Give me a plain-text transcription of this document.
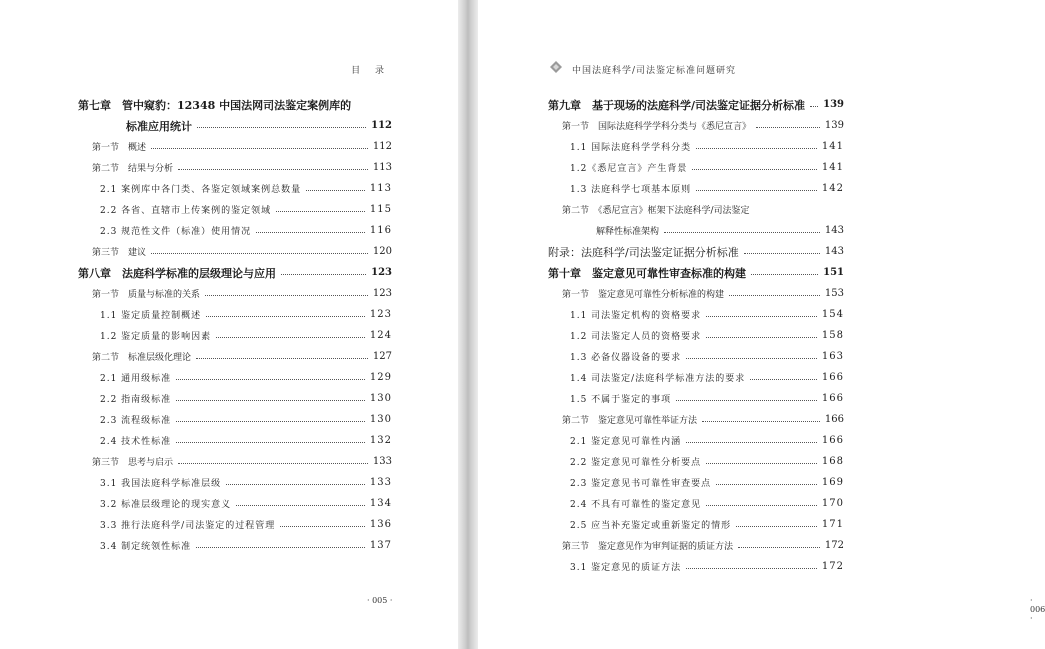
目 录
第七章　管中窥豹：12348 中国法网司法鉴定案例库的
标准应用统计	112
第一节　概述	112
第二节　结果与分析	113
2.1 案例库中各门类、各鉴定领域案例总数量	113
2.2 各省、直辖市上传案例的鉴定领域	115
2.3 规范性文件（标准）使用情况	116
第三节　建议	120
第八章　法庭科学标准的层级理论与应用	123
第一节　质量与标准的关系	123
1.1 鉴定质量控制概述	123
1.2 鉴定质量的影响因素	124
第二节　标准层级化理论	127
2.1 通用级标准	129
2.2 指南级标准	130
2.3 流程级标准	130
2.4 技术性标准	132
第三节　思考与启示	133
3.1 我国法庭科学标准层级	133
3.2 标准层级理论的现实意义	134
3.3 推行法庭科学/司法鉴定的过程管理	136
3.4 制定统领性标准	137
· 005 ·
中国法庭科学/司法鉴定标准问题研究
第九章　基于现场的法庭科学/司法鉴定证据分析标准 139
第一节　国际法庭科学学科分类与《悉尼宣言》	139
1.1 国际法庭科学学科分类	141
1.2《悉尼宣言》产生背景	141
1.3 法庭科学七项基本原则	142
第二节　《悉尼宣言》框架下法庭科学/司法鉴定
解释性标准架构	143
附录：法庭科学/司法鉴定证据分析标准	143
第十章　鉴定意见可靠性审查标准的构建	151
第一节　鉴定意见可靠性分析标准的构建	153
1.1 司法鉴定机构的资格要求	154
1.2 司法鉴定人员的资格要求	158
1.3 必备仪器设备的要求	163
1.4 司法鉴定/法庭科学标准方法的要求	166
1.5 不属于鉴定的事项	166
第二节　鉴定意见可靠性举证方法	166
2.1 鉴定意见可靠性内涵	166
2.2 鉴定意见可靠性分析要点	168
2.3 鉴定意见书可靠性审查要点	169
2.4 不具有可靠性的鉴定意见	170
2.5 应当补充鉴定或重新鉴定的情形	171
第三节　鉴定意见作为审判证据的质证方法	172
3.1 鉴定意见的质证方法	172
· 006 ·
